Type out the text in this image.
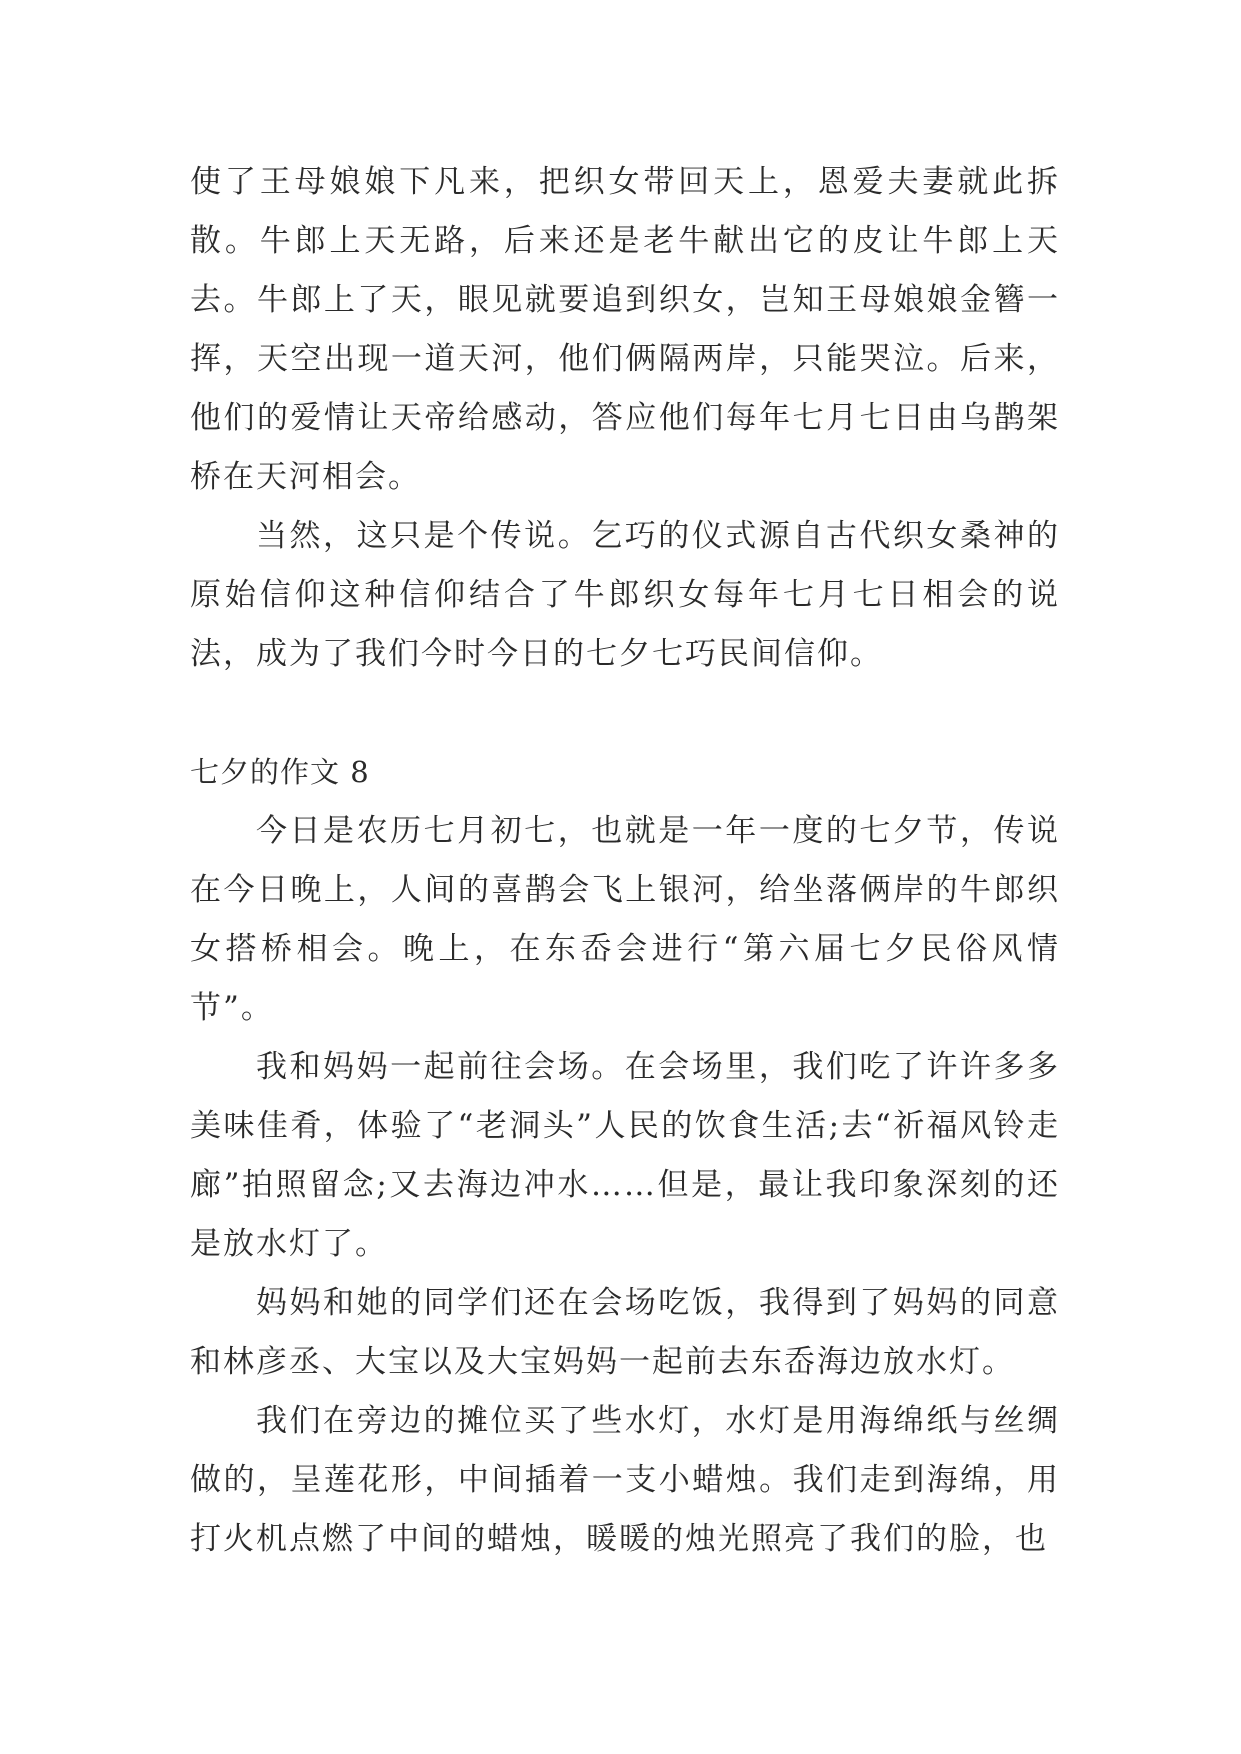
使了王母娘娘下凡来，把织女带回天上，恩爱夫妻就此拆散。牛郎上天无路，后来还是老牛献出它的皮让牛郎上天去。牛郎上了天，眼见就要追到织女，岂知王母娘娘金簪一挥，天空出现一道天河，他们俩隔两岸，只能哭泣。后来，他们的爱情让天帝给感动，答应他们每年七月七日由乌鹊架桥在天河相会。

当然，这只是个传说。乞巧的仪式源自古代织女桑神的原始信仰这种信仰结合了牛郎织女每年七月七日相会的说法，成为了我们今时今日的七夕七巧民间信仰。

七夕的作文 8

今日是农历七月初七，也就是一年一度的七夕节，传说在今日晚上，人间的喜鹊会飞上银河，给坐落俩岸的牛郎织女搭桥相会。晚上，在东岙会进行“第六届七夕民俗风情节”。

我和妈妈一起前往会场。在会场里，我们吃了许许多多美味佳肴，体验了“老洞头”人民的饮食生活;去“祈福风铃走廊”拍照留念;又去海边冲水……但是，最让我印象深刻的还是放水灯了。

妈妈和她的同学们还在会场吃饭，我得到了妈妈的同意和林彦丞、大宝以及大宝妈妈一起前去东岙海边放水灯。

我们在旁边的摊位买了些水灯，水灯是用海绵纸与丝绸做的，呈莲花形，中间插着一支小蜡烛。我们走到海绵，用打火机点燃了中间的蜡烛，暖暖的烛光照亮了我们的脸，也
